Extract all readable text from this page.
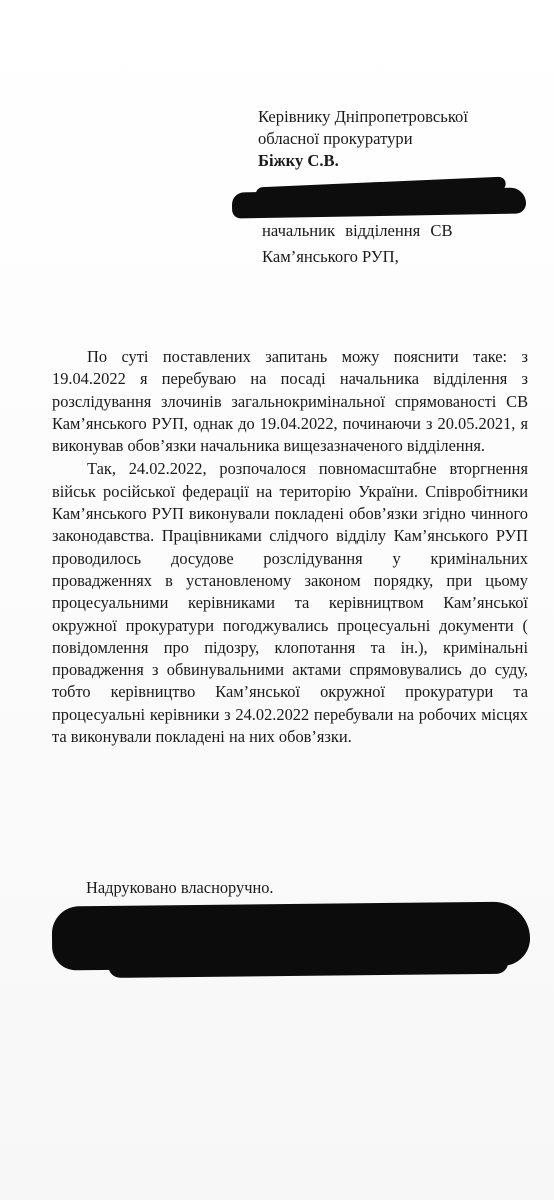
Керівнику Дніпропетровської
обласної прокуратури
Біжку С.В.
начальник відділення СВ
Кам’янського РУП,

По суті поставлених запитань можу пояснити таке: з 19.04.2022 я перебуваю на посаді начальника відділення з розслідування злочинів загальнокримінальної спрямованості СВ Кам’янського РУП, однак до 19.04.2022, починаючи з 20.05.2021, я виконував обов’язки начальника вищезазначеного відділення.

Так, 24.02.2022, розпочалося повномасштабне вторгнення військ російської федерації на територію України. Співробітники Кам’янського РУП виконували покладені обов’язки згідно чинного законодавства. Працівниками слідчого відділу Кам’янського РУП проводилось досудове розслідування у кримінальних провадженнях в установленому законом порядку, при цьому процесуальними керівниками та керівництвом Кам’янської окружної прокуратури погоджувались процесуальні документи ( повідомлення про підозру, клопотання та ін.), кримінальні провадження з обвинувальними актами спрямовувались до суду, тобто керівництво Кам’янської окружної прокуратури та процесуальні керівники з 24.02.2022 перебували на робочих місцях та виконували покладені на них обов’язки.

Надруковано власноручно.
